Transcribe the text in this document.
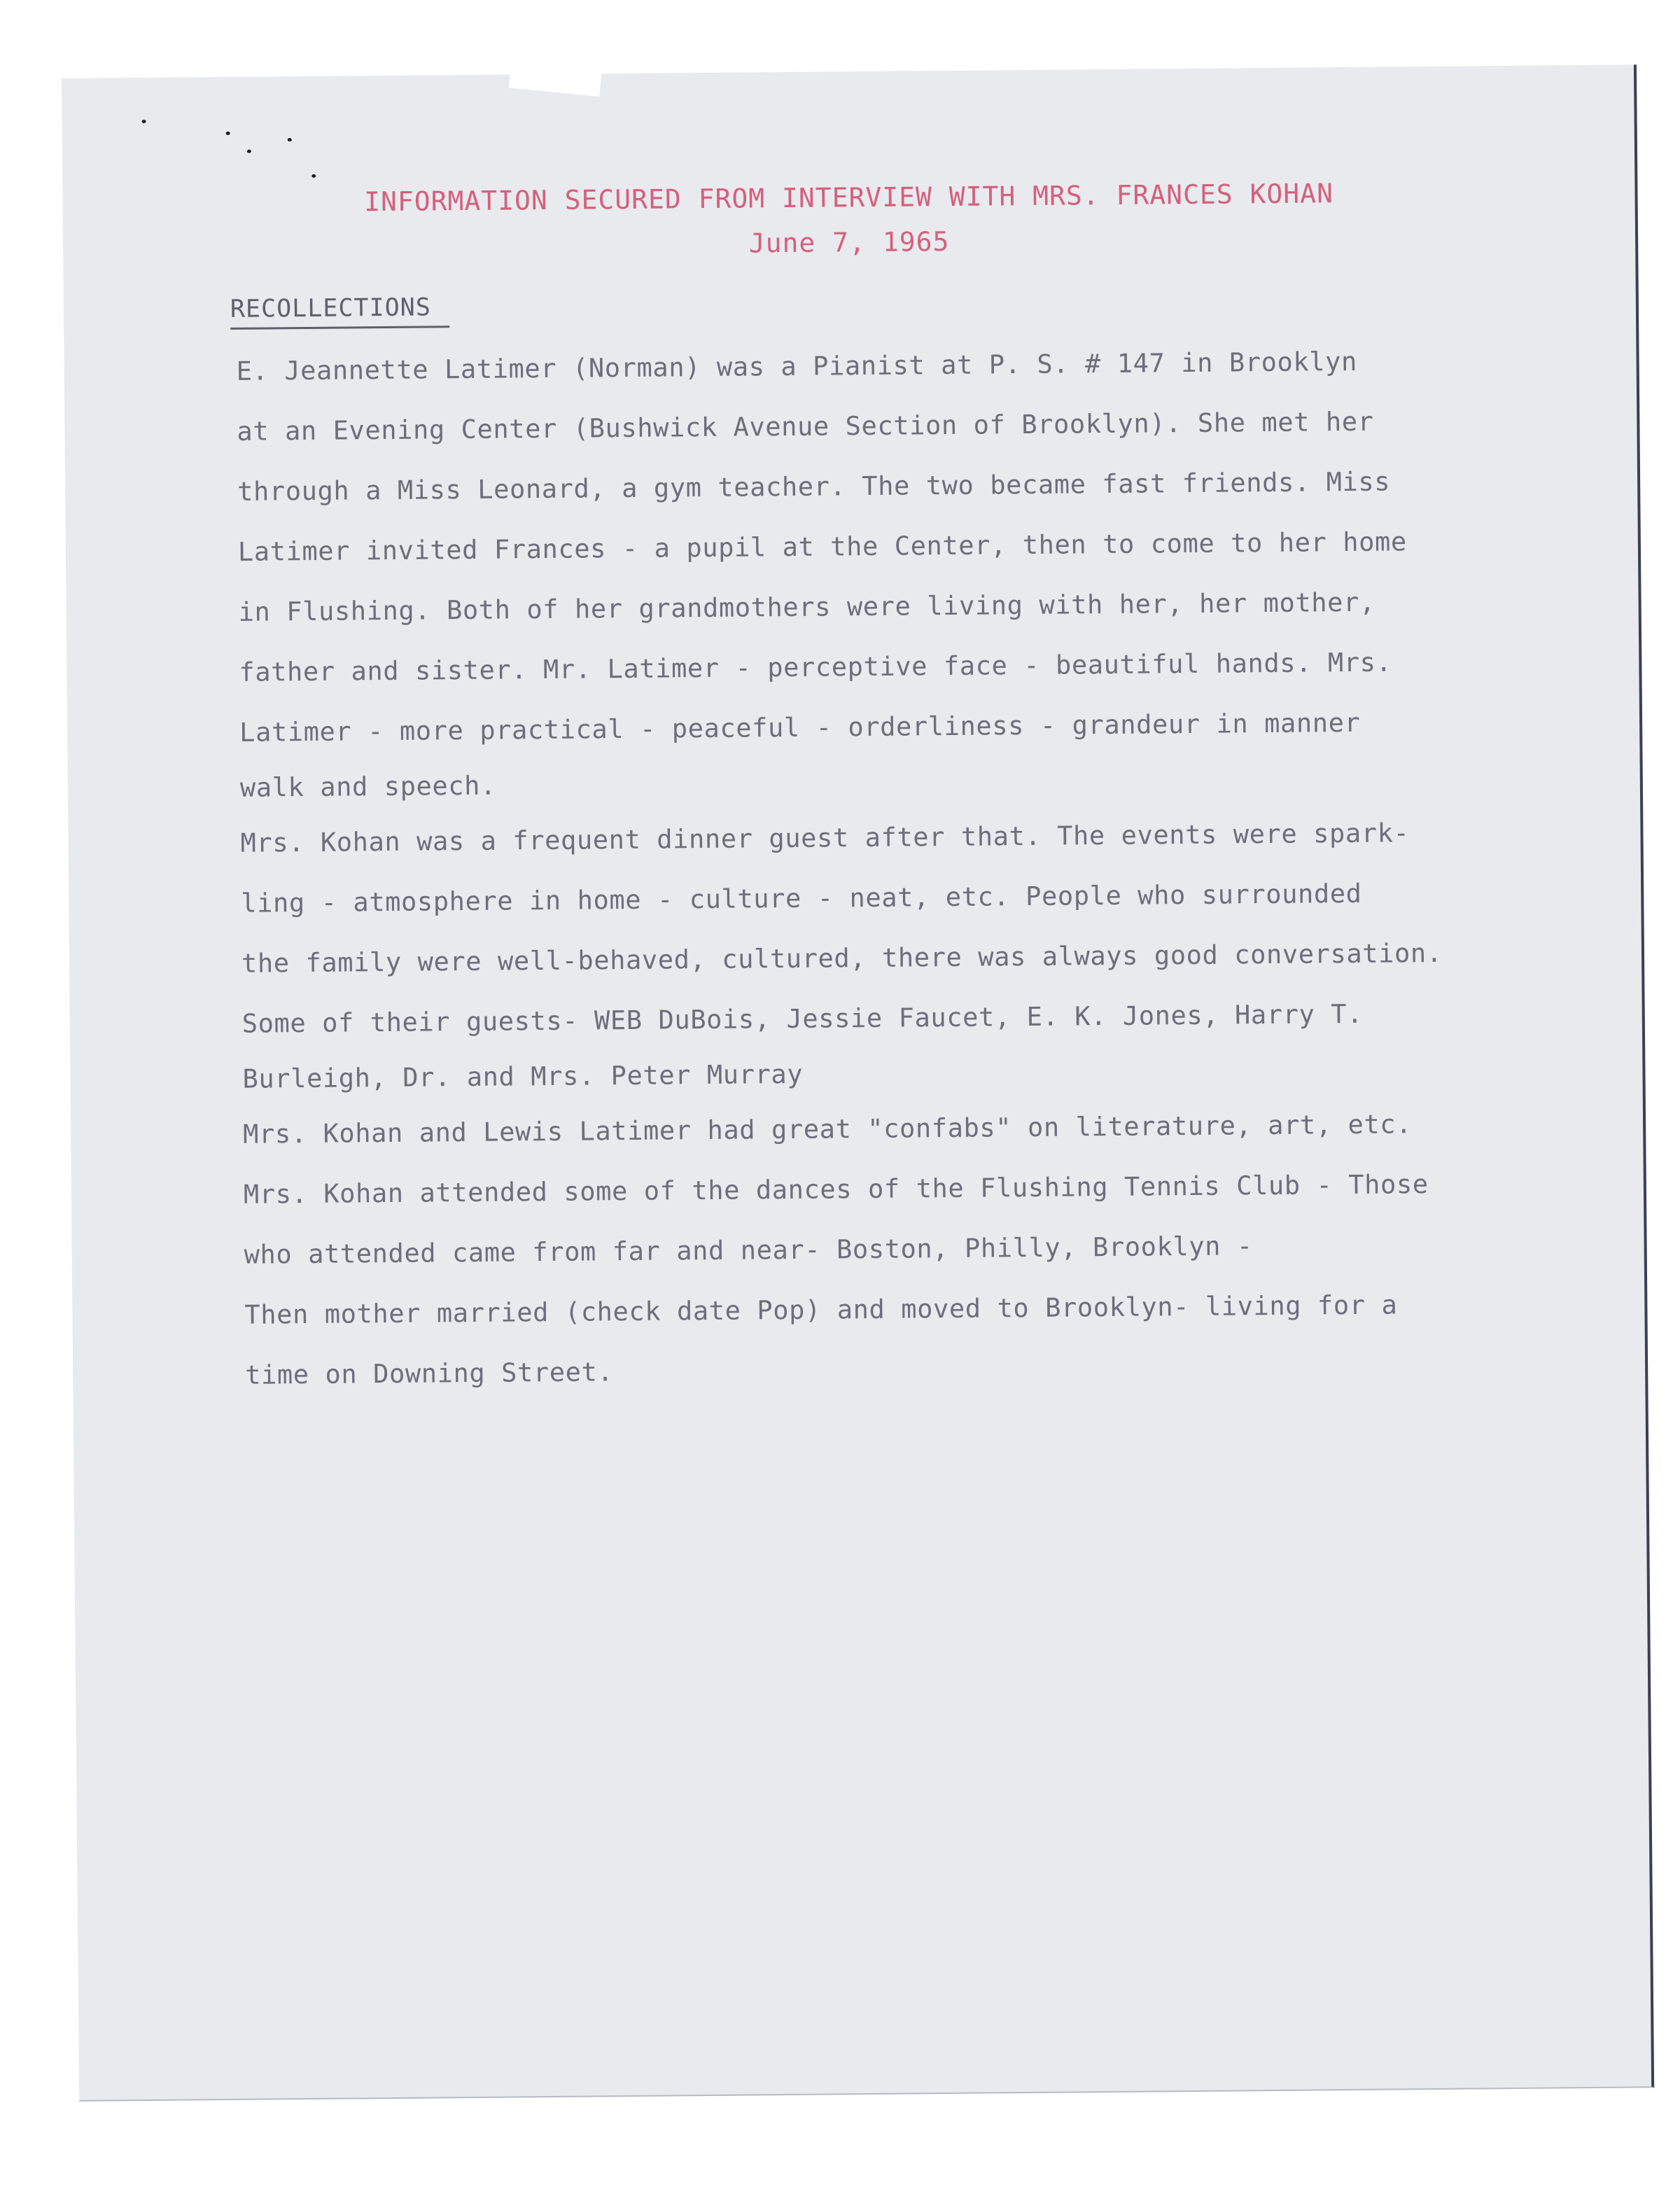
INFORMATION SECURED FROM INTERVIEW WITH MRS. FRANCES KOHAN
June 7, 1965
RECOLLECTIONS
E. Jeannette Latimer (Norman) was a Pianist at P. S. # 147 in Brooklyn
at an Evening Center (Bushwick Avenue Section of Brooklyn). She met her
through a Miss Leonard, a gym teacher. The two became fast friends. Miss
Latimer invited Frances - a pupil at the Center, then to come to her home
in Flushing. Both of her grandmothers were living with her, her mother,
father and sister. Mr. Latimer - perceptive face - beautiful hands. Mrs.
Latimer - more practical - peaceful - orderliness - grandeur in manner
walk and speech.
Mrs. Kohan was a frequent dinner guest after that. The events were spark-
ling - atmosphere in home - culture - neat, etc. People who surrounded
the family were well-behaved, cultured, there was always good conversation.
Some of their guests- WEB DuBois, Jessie Faucet, E. K. Jones, Harry T.
Burleigh, Dr. and Mrs. Peter Murray
Mrs. Kohan and Lewis Latimer had great "confabs" on literature, art, etc.
Mrs. Kohan attended some of the dances of the Flushing Tennis Club - Those
who attended came from far and near- Boston, Philly, Brooklyn -
Then mother married (check date Pop) and moved to Brooklyn- living for a
time on Downing Street.
